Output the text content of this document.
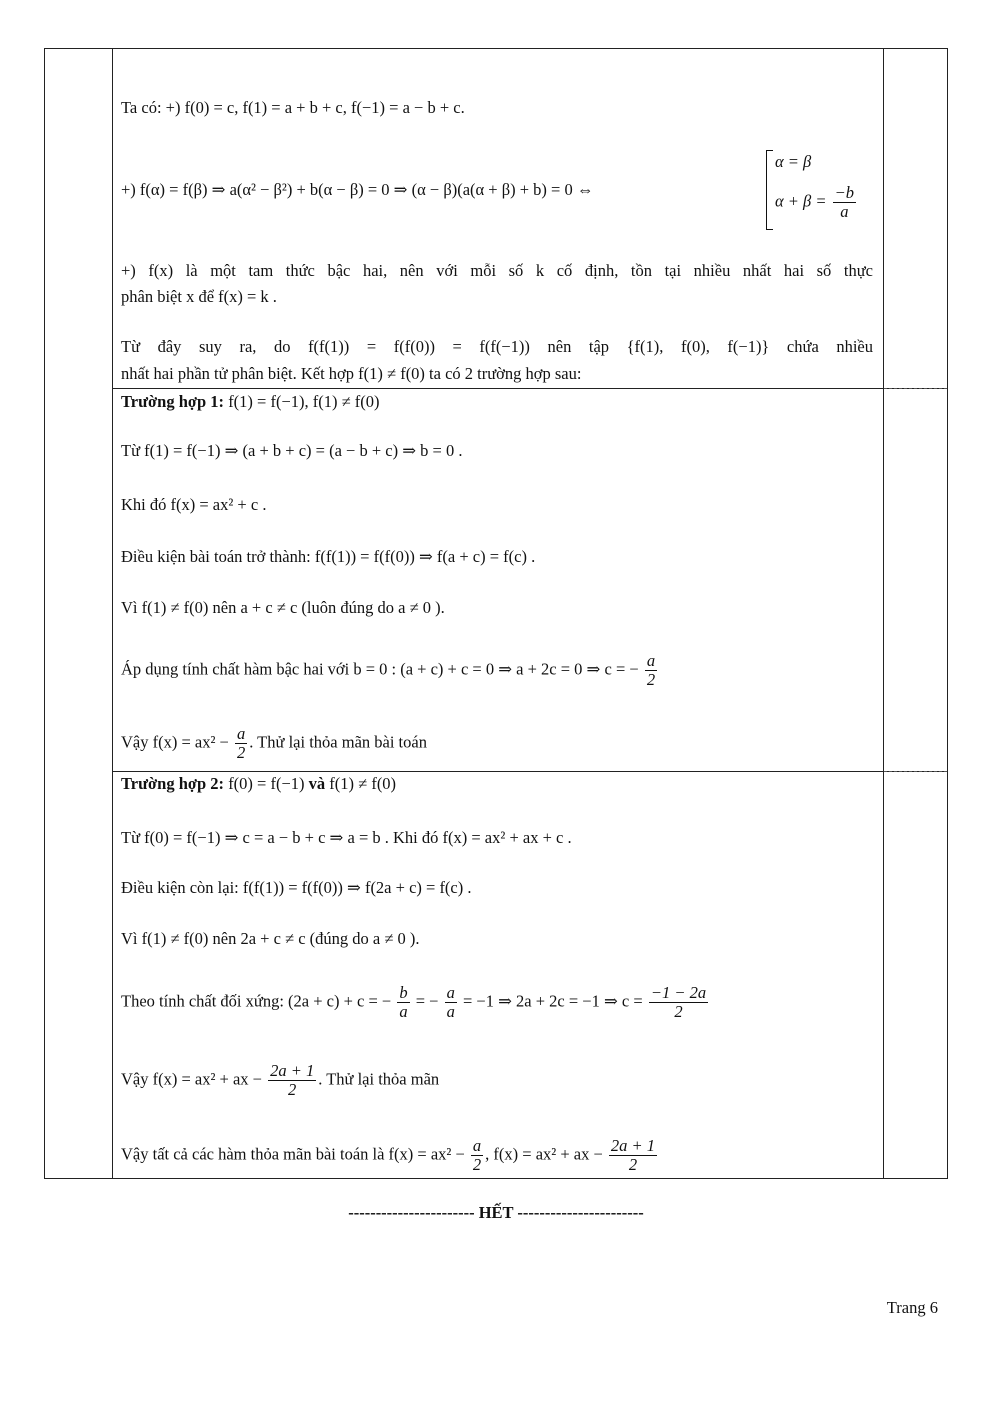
Ta có: +) f(0) = c, f(1) = a + b + c, f(−1) = a − b + c.
+) f(α) = f(β) ⇒ a(α² − β²) + b(α − β) = 0 ⇒ (α − β)(a(α + β) + b) = 0 ⇔
α = β
$\alpha + \beta = \frac{-b}{a}$
+) f(x) là một tam thức bậc hai, nên với mỗi số k cố định, tồn tại nhiều nhất hai số thực
phân biệt x để f(x) = k .
Từ đây suy ra, do f(f(1)) = f(f(0)) = f(f(−1)) nên tập {f(1), f(0), f(−1)} chứa nhiều
nhất hai phần tử phân biệt. Kết hợp f(1) ≠ f(0) ta có 2 trường hợp sau:
Trường hợp 1: f(1) = f(−1), f(1) ≠ f(0)
Từ f(1) = f(−1) ⇒ (a + b + c) = (a − b + c) ⇒ b = 0 .
Khi đó f(x) = ax² + c .
Điều kiện bài toán trở thành: f(f(1)) = f(f(0)) ⇒ f(a + c) = f(c) .
Vì f(1) ≠ f(0) nên a + c ≠ c (luôn đúng do a ≠ 0 ).
Áp dụng tính chất hàm bậc hai với b = 0 : (a + c) + c = 0 ⇒ a + 2c = 0 ⇒ c = − $\frac{a}{2}$
Vậy $f(x) = ax^2 - \frac{a}{2}$ . Thử lại thỏa mãn bài toán
Trường hợp 2: f(0) = f(−1) và f(1) ≠ f(0)
Từ f(0) = f(−1) ⇒ c = a − b + c ⇒ a = b . Khi đó f(x) = ax² + ax + c .
Điều kiện còn lại: f(f(1)) = f(f(0)) ⇒ f(2a + c) = f(c) .
Vì f(1) ≠ f(0) nên 2a + c ≠ c (đúng do a ≠ 0 ).
Theo tính chất đối xứng: (2a + c) + c = − $\frac{b}{a}$ = − $\frac{a}{a} = -1$ ⇒ 2a + 2c = −1 ⇒ $c = \frac{-1 - 2a}{2}$
Vậy f(x) = ax² + ax − $\frac{2a + 1}{2}$ . Thử lại thỏa mãn
Vậy tất cả các hàm thỏa mãn bài toán là $f(x) = ax^2 - \frac{a}{2}$ , f(x) = ax² + ax − $\frac{2a + 1}{2}$
----------------------- HẾT -----------------------
Trang 6
